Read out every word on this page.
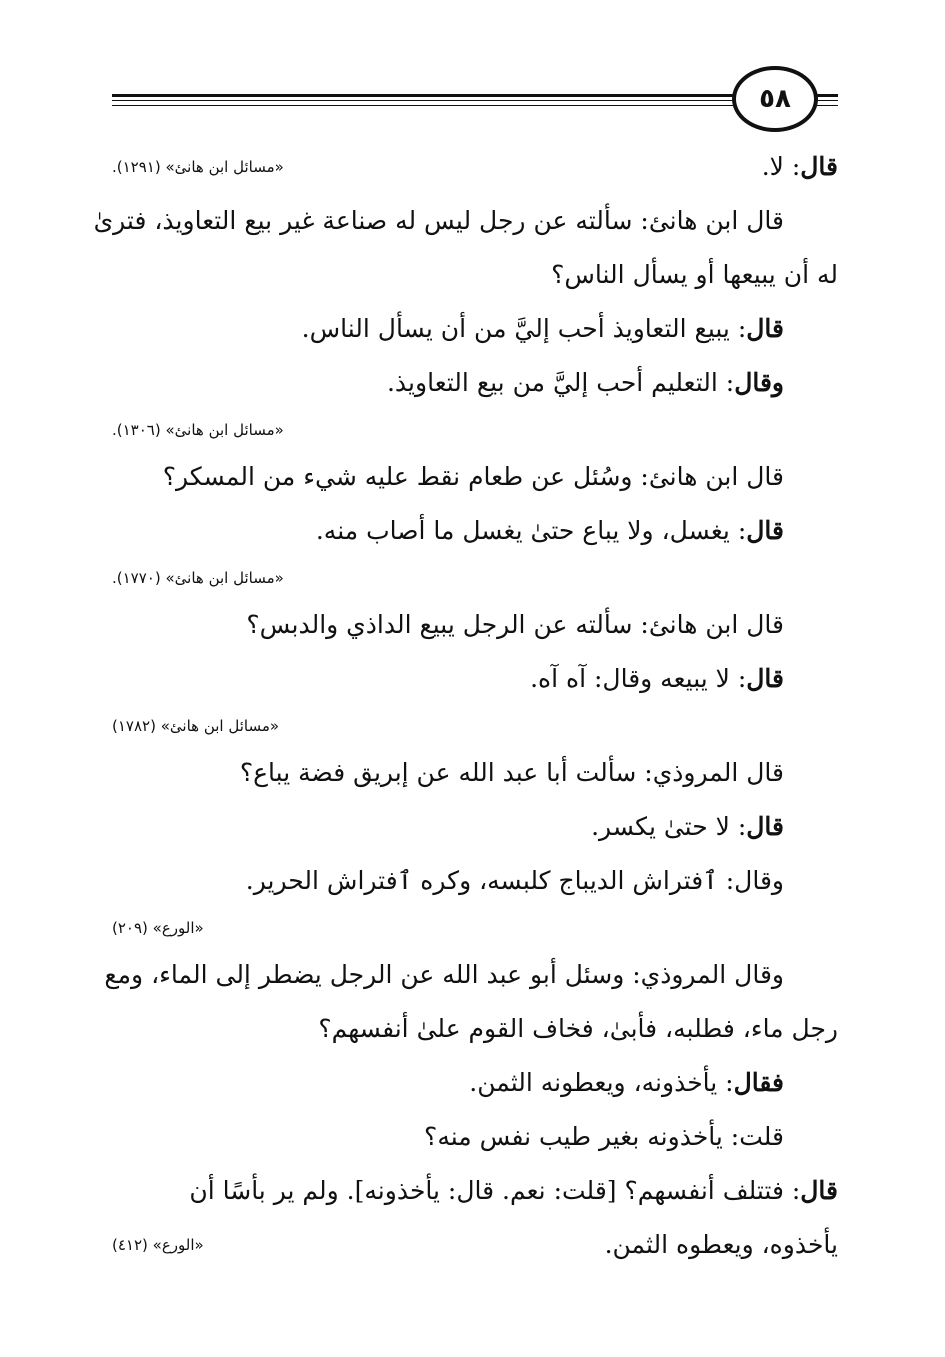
٥٨
قال: لا.
«مسائل ابن هانئ» (١٢٩١).
قال ابن هانئ: سألته عن رجل ليس له صناعة غير بيع التعاويذ، فترىٰ
له أن يبيعها أو يسأل الناس؟
قال: يبيع التعاويذ أحب إليَّ من أن يسأل الناس.
وقال: التعليم أحب إليَّ من بيع التعاويذ.
«مسائل ابن هانئ» (١٣٠٦).
قال ابن هانئ: وسُئل عن طعام نقط عليه شيء من المسكر؟
قال: يغسل، ولا يباع حتىٰ يغسل ما أصاب منه.
«مسائل ابن هانئ» (١٧٧٠).
قال ابن هانئ: سألته عن الرجل يبيع الداذي والدبس؟
قال: لا يبيعه وقال: آه آه.
«مسائل ابن هانئ» (١٧٨٢)
قال المروذي: سألت أبا عبد الله عن إبريق فضة يباع؟
قال: لا حتىٰ يكسر.
وقال: ٱفتراش الديباج كلبسه، وكره ٱفتراش الحرير.
«الورع» (٢٠٩)
وقال المروذي: وسئل أبو عبد الله عن الرجل يضطر إلى الماء، ومع
رجل ماء، فطلبه، فأبىٰ، فخاف القوم علىٰ أنفسهم؟
فقال: يأخذونه، ويعطونه الثمن.
قلت: يأخذونه بغير طيب نفس منه؟
قال: فتتلف أنفسهم؟ [قلت: نعم. قال: يأخذونه]. ولم ير بأسًا أن
يأخذوه، ويعطوه الثمن.
«الورع» (٤١٢)
